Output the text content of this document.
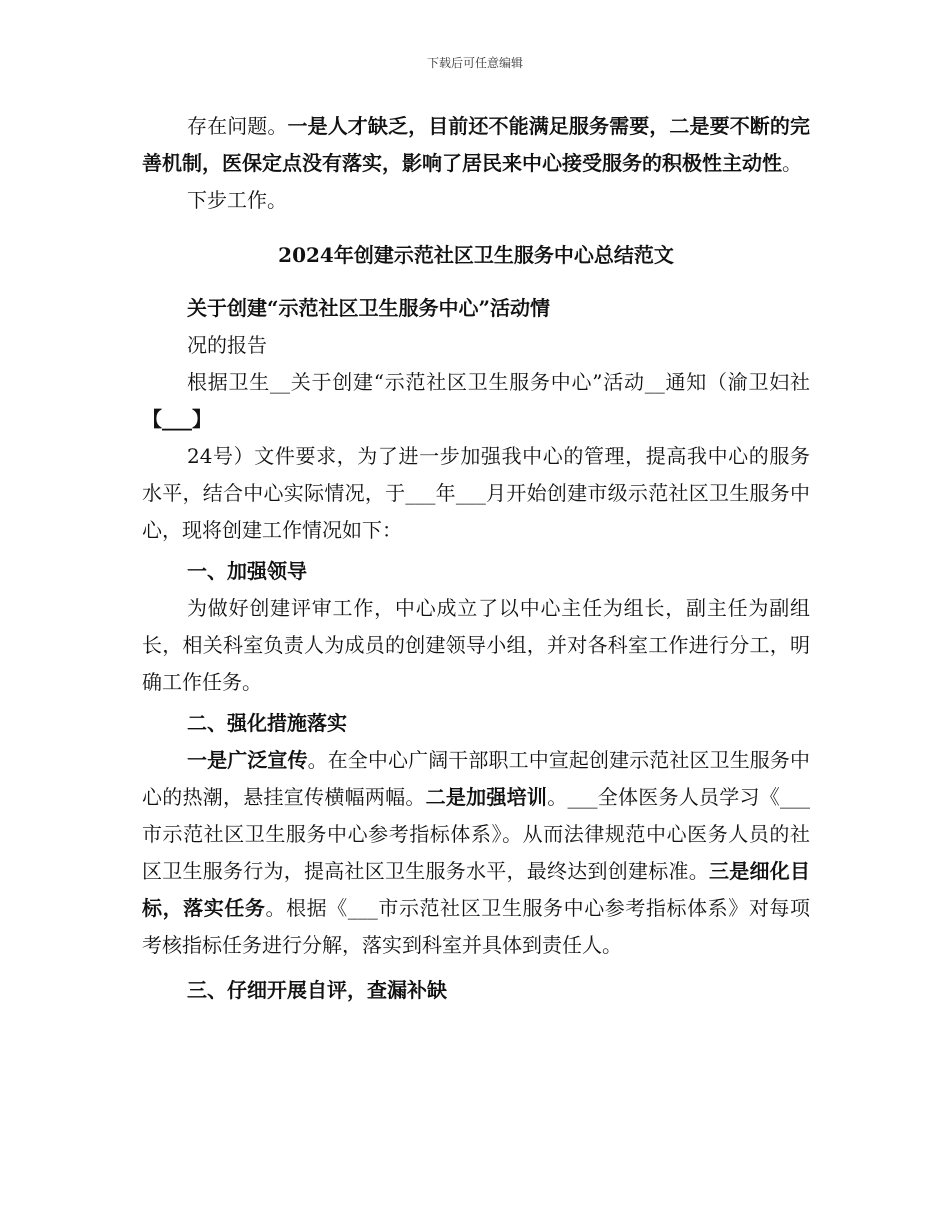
下载后可任意编辑

存在问题。一是人才缺乏，目前还不能满足服务需要，二是要不断的完善机制，医保定点没有落实，影响了居民来中心接受服务的积极性主动性。

下步工作。

2024年创建示范社区卫生服务中心总结范文

关于创建“示范社区卫生服务中心”活动情

况的报告

根据卫生__关于创建“示范社区卫生服务中心”活动__通知（渝卫妇社【___】

24号）文件要求，为了进一步加强我中心的管理，提高我中心的服务水平，结合中心实际情况，于___年___月开始创建市级示范社区卫生服务中心，现将创建工作情况如下：

一、加强领导

为做好创建评审工作，中心成立了以中心主任为组长，副主任为副组长，相关科室负责人为成员的创建领导小组，并对各科室工作进行分工，明确工作任务。

二、强化措施落实

一是广泛宣传。在全中心广阔干部职工中宣起创建示范社区卫生服务中心的热潮，悬挂宣传横幅两幅。二是加强培训。___全体医务人员学习《___市示范社区卫生服务中心参考指标体系》。从而法律规范中心医务人员的社区卫生服务行为，提高社区卫生服务水平，最终达到创建标准。三是细化目标，落实任务。根据《___市示范社区卫生服务中心参考指标体系》对每项考核指标任务进行分解，落实到科室并具体到责任人。

三、仔细开展自评，查漏补缺
